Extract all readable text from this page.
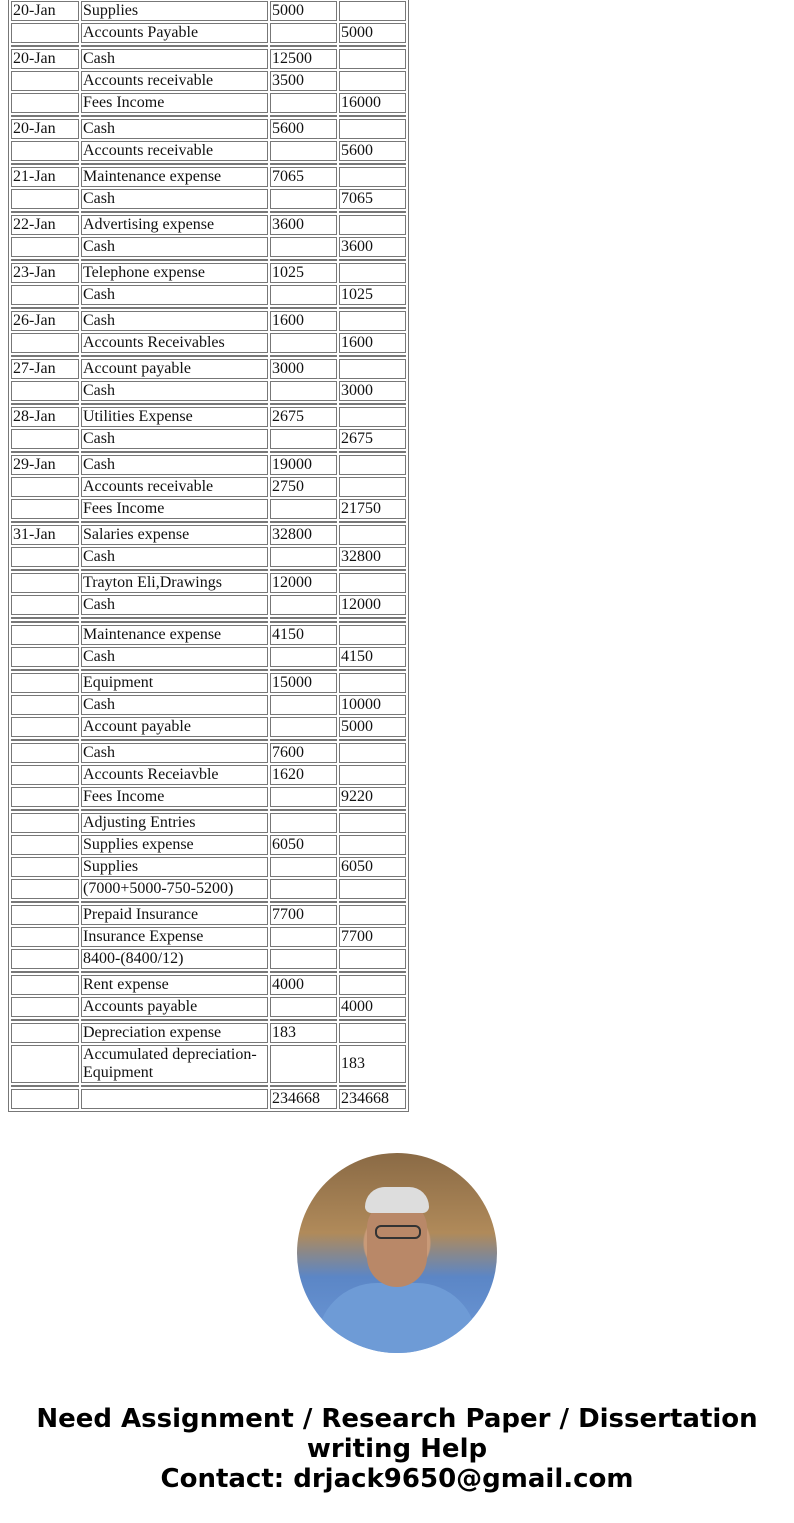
20-Jan	Supplies	5000	
	Accounts Payable		5000

20-Jan	Cash	12500	
	Accounts receivable	3500	
	Fees Income		16000

20-Jan	Cash	5600	
	Accounts receivable		5600

21-Jan	Maintenance expense	7065	
	Cash		7065

22-Jan	Advertising expense	3600	
	Cash		3600

23-Jan	Telephone expense	1025	
	Cash		1025

26-Jan	Cash	1600	
	Accounts Receivables		1600

27-Jan	Account payable	3000	
	Cash		3000

28-Jan	Utilities Expense	2675	
	Cash		2675

29-Jan	Cash	19000	
	Accounts receivable	2750	
	Fees Income		21750

31-Jan	Salaries expense	32800	
	Cash		32800

	Trayton Eli,Drawings	12000	
	Cash		12000

	Maintenance expense	4150	
	Cash		4150

	Equipment	15000	
	Cash		10000
	Account payable		5000

	Cash	7600	
	Accounts Receiavble	1620	
	Fees Income		9220

	Adjusting Entries		
	Supplies expense	6050	
	Supplies		6050
	(7000+5000-750-5200)		

	Prepaid Insurance	7700	
	Insurance Expense		7700
	8400-(8400/12)		

	Rent expense	4000	
	Accounts payable		4000

	Depreciation expense	183	
	Accumulated depreciation-Equipment		183

		234668	234668
Need Assignment / Research Paper / Dissertation writing Help
Contact: drjack9650@gmail.com
